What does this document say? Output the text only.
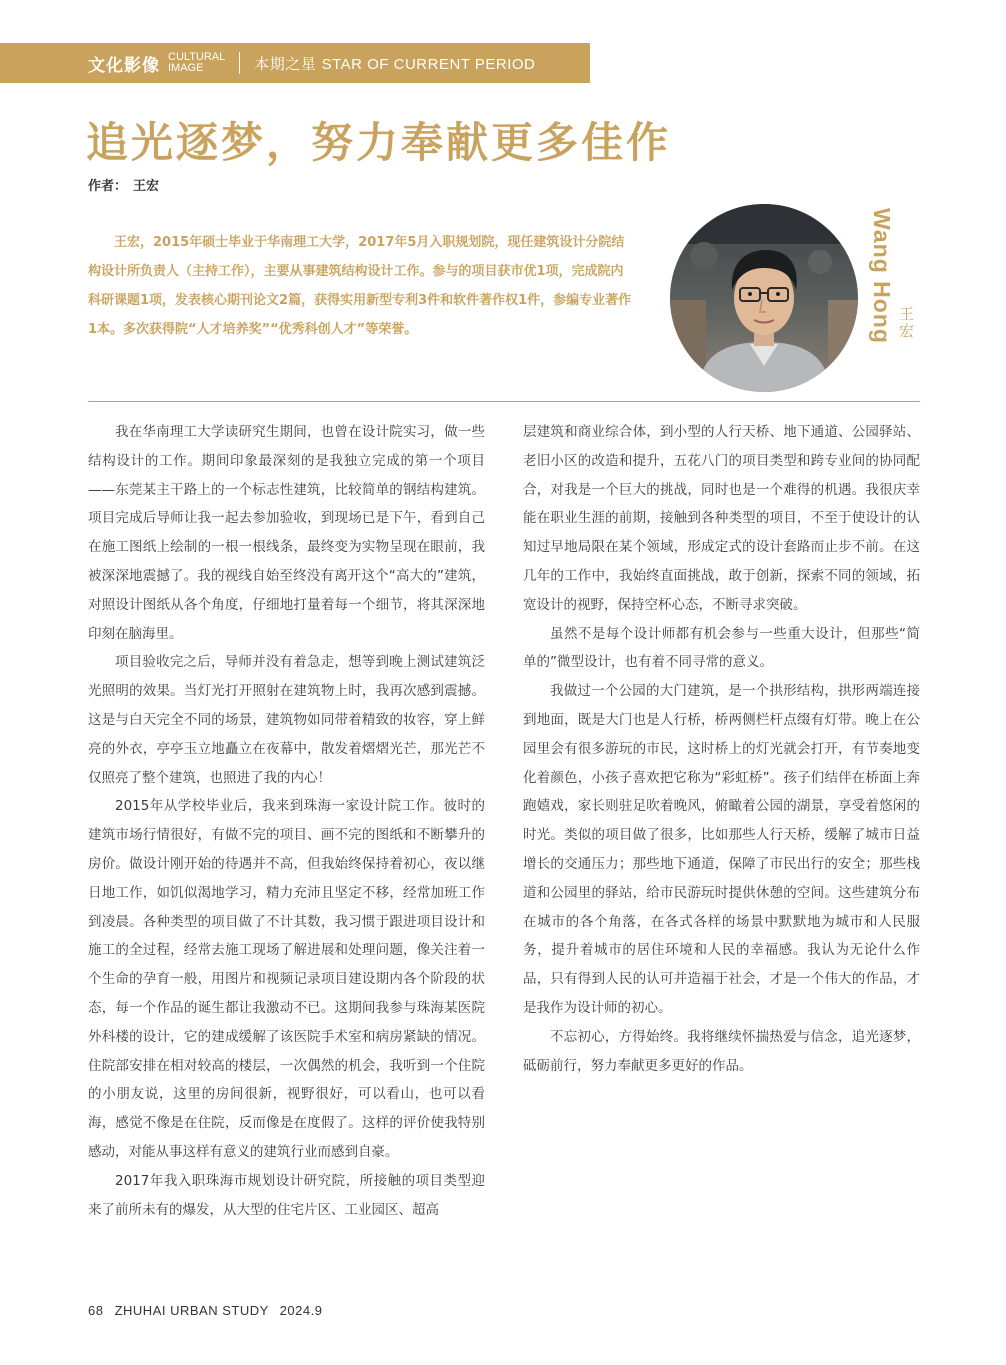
文化影像 CULTURAL
IMAGE	本期之星 STAR OF CURRENT PERIOD
追光逐梦，努力奉献更多佳作
作者： 王宏

王宏，2015年硕士毕业于华南理工大学，2017年5月入职规划院，现任建筑设计分院结构设计所负责人（主持工作），主要从事建筑结构设计工作。参与的项目获市优1项，完成院内科研课题1项，发表核心期刊论文2篇，获得实用新型专利3件和软件著作权1件，参编专业著作1本。多次获得院“人才培养奖”“优秀科创人才”等荣誉。	Wang Hong 王宏

我在华南理工大学读研究生期间，也曾在设计院实习，做一些结构设计的工作。期间印象最深刻的是我独立完成的第一个项目——东莞某主干路上的一个标志性建筑，比较简单的钢结构建筑。项目完成后导师让我一起去参加验收，到现场已是下午，看到自己在施工图纸上绘制的一根一根线条，最终变为实物呈现在眼前，我被深深地震撼了。我的视线自始至终没有离开这个“高大的”建筑，对照设计图纸从各个角度，仔细地打量着每一个细节，将其深深地印刻在脑海里。

项目验收完之后，导师并没有着急走，想等到晚上测试建筑泛光照明的效果。当灯光打开照射在建筑物上时，我再次感到震撼。这是与白天完全不同的场景，建筑物如同带着精致的妆容，穿上鲜亮的外衣，亭亭玉立地矗立在夜幕中，散发着熠熠光芒，那光芒不仅照亮了整个建筑，也照进了我的内心！

2015年从学校毕业后，我来到珠海一家设计院工作。彼时的建筑市场行情很好，有做不完的项目、画不完的图纸和不断攀升的房价。做设计刚开始的待遇并不高，但我始终保持着初心，夜以继日地工作，如饥似渴地学习，精力充沛且坚定不移，经常加班工作到凌晨。各种类型的项目做了不计其数，我习惯于跟进项目设计和施工的全过程，经常去施工现场了解进展和处理问题，像关注着一个生命的孕育一般，用图片和视频记录项目建设期内各个阶段的状态，每一个作品的诞生都让我激动不已。这期间我参与珠海某医院外科楼的设计，它的建成缓解了该医院手术室和病房紧缺的情况。住院部安排在相对较高的楼层，一次偶然的机会，我听到一个住院的小朋友说，这里的房间很新，视野很好，可以看山，也可以看海，感觉不像是在住院，反而像是在度假了。这样的评价使我特别感动，对能从事这样有意义的建筑行业而感到自豪。

2017年我入职珠海市规划设计研究院，所接触的项目类型迎来了前所未有的爆发，从大型的住宅片区、工业园区、超高

层建筑和商业综合体，到小型的人行天桥、地下通道、公园驿站、老旧小区的改造和提升，五花八门的项目类型和跨专业间的协同配合，对我是一个巨大的挑战，同时也是一个难得的机遇。我很庆幸能在职业生涯的前期，接触到各种类型的项目，不至于使设计的认知过早地局限在某个领域，形成定式的设计套路而止步不前。在这几年的工作中，我始终直面挑战，敢于创新，探索不同的领域，拓宽设计的视野，保持空杯心态，不断寻求突破。

虽然不是每个设计师都有机会参与一些重大设计，但那些“简单的”微型设计，也有着不同寻常的意义。

我做过一个公园的大门建筑，是一个拱形结构，拱形两端连接到地面，既是大门也是人行桥，桥两侧栏杆点缀有灯带。晚上在公园里会有很多游玩的市民，这时桥上的灯光就会打开，有节奏地变化着颜色，小孩子喜欢把它称为“彩虹桥”。孩子们结伴在桥面上奔跑嬉戏，家长则驻足吹着晚风，俯瞰着公园的湖景，享受着悠闲的时光。类似的项目做了很多，比如那些人行天桥，缓解了城市日益增长的交通压力；那些地下通道，保障了市民出行的安全；那些栈道和公园里的驿站，给市民游玩时提供休憩的空间。这些建筑分布在城市的各个角落，在各式各样的场景中默默地为城市和人民服务，提升着城市的居住环境和人民的幸福感。我认为无论什么作品，只有得到人民的认可并造福于社会，才是一个伟大的作品，才是我作为设计师的初心。

不忘初心，方得始终。我将继续怀揣热爱与信念，追光逐梦，砥砺前行，努力奉献更多更好的作品。

68 ZHUHAI URBAN STUDY 2024.9
